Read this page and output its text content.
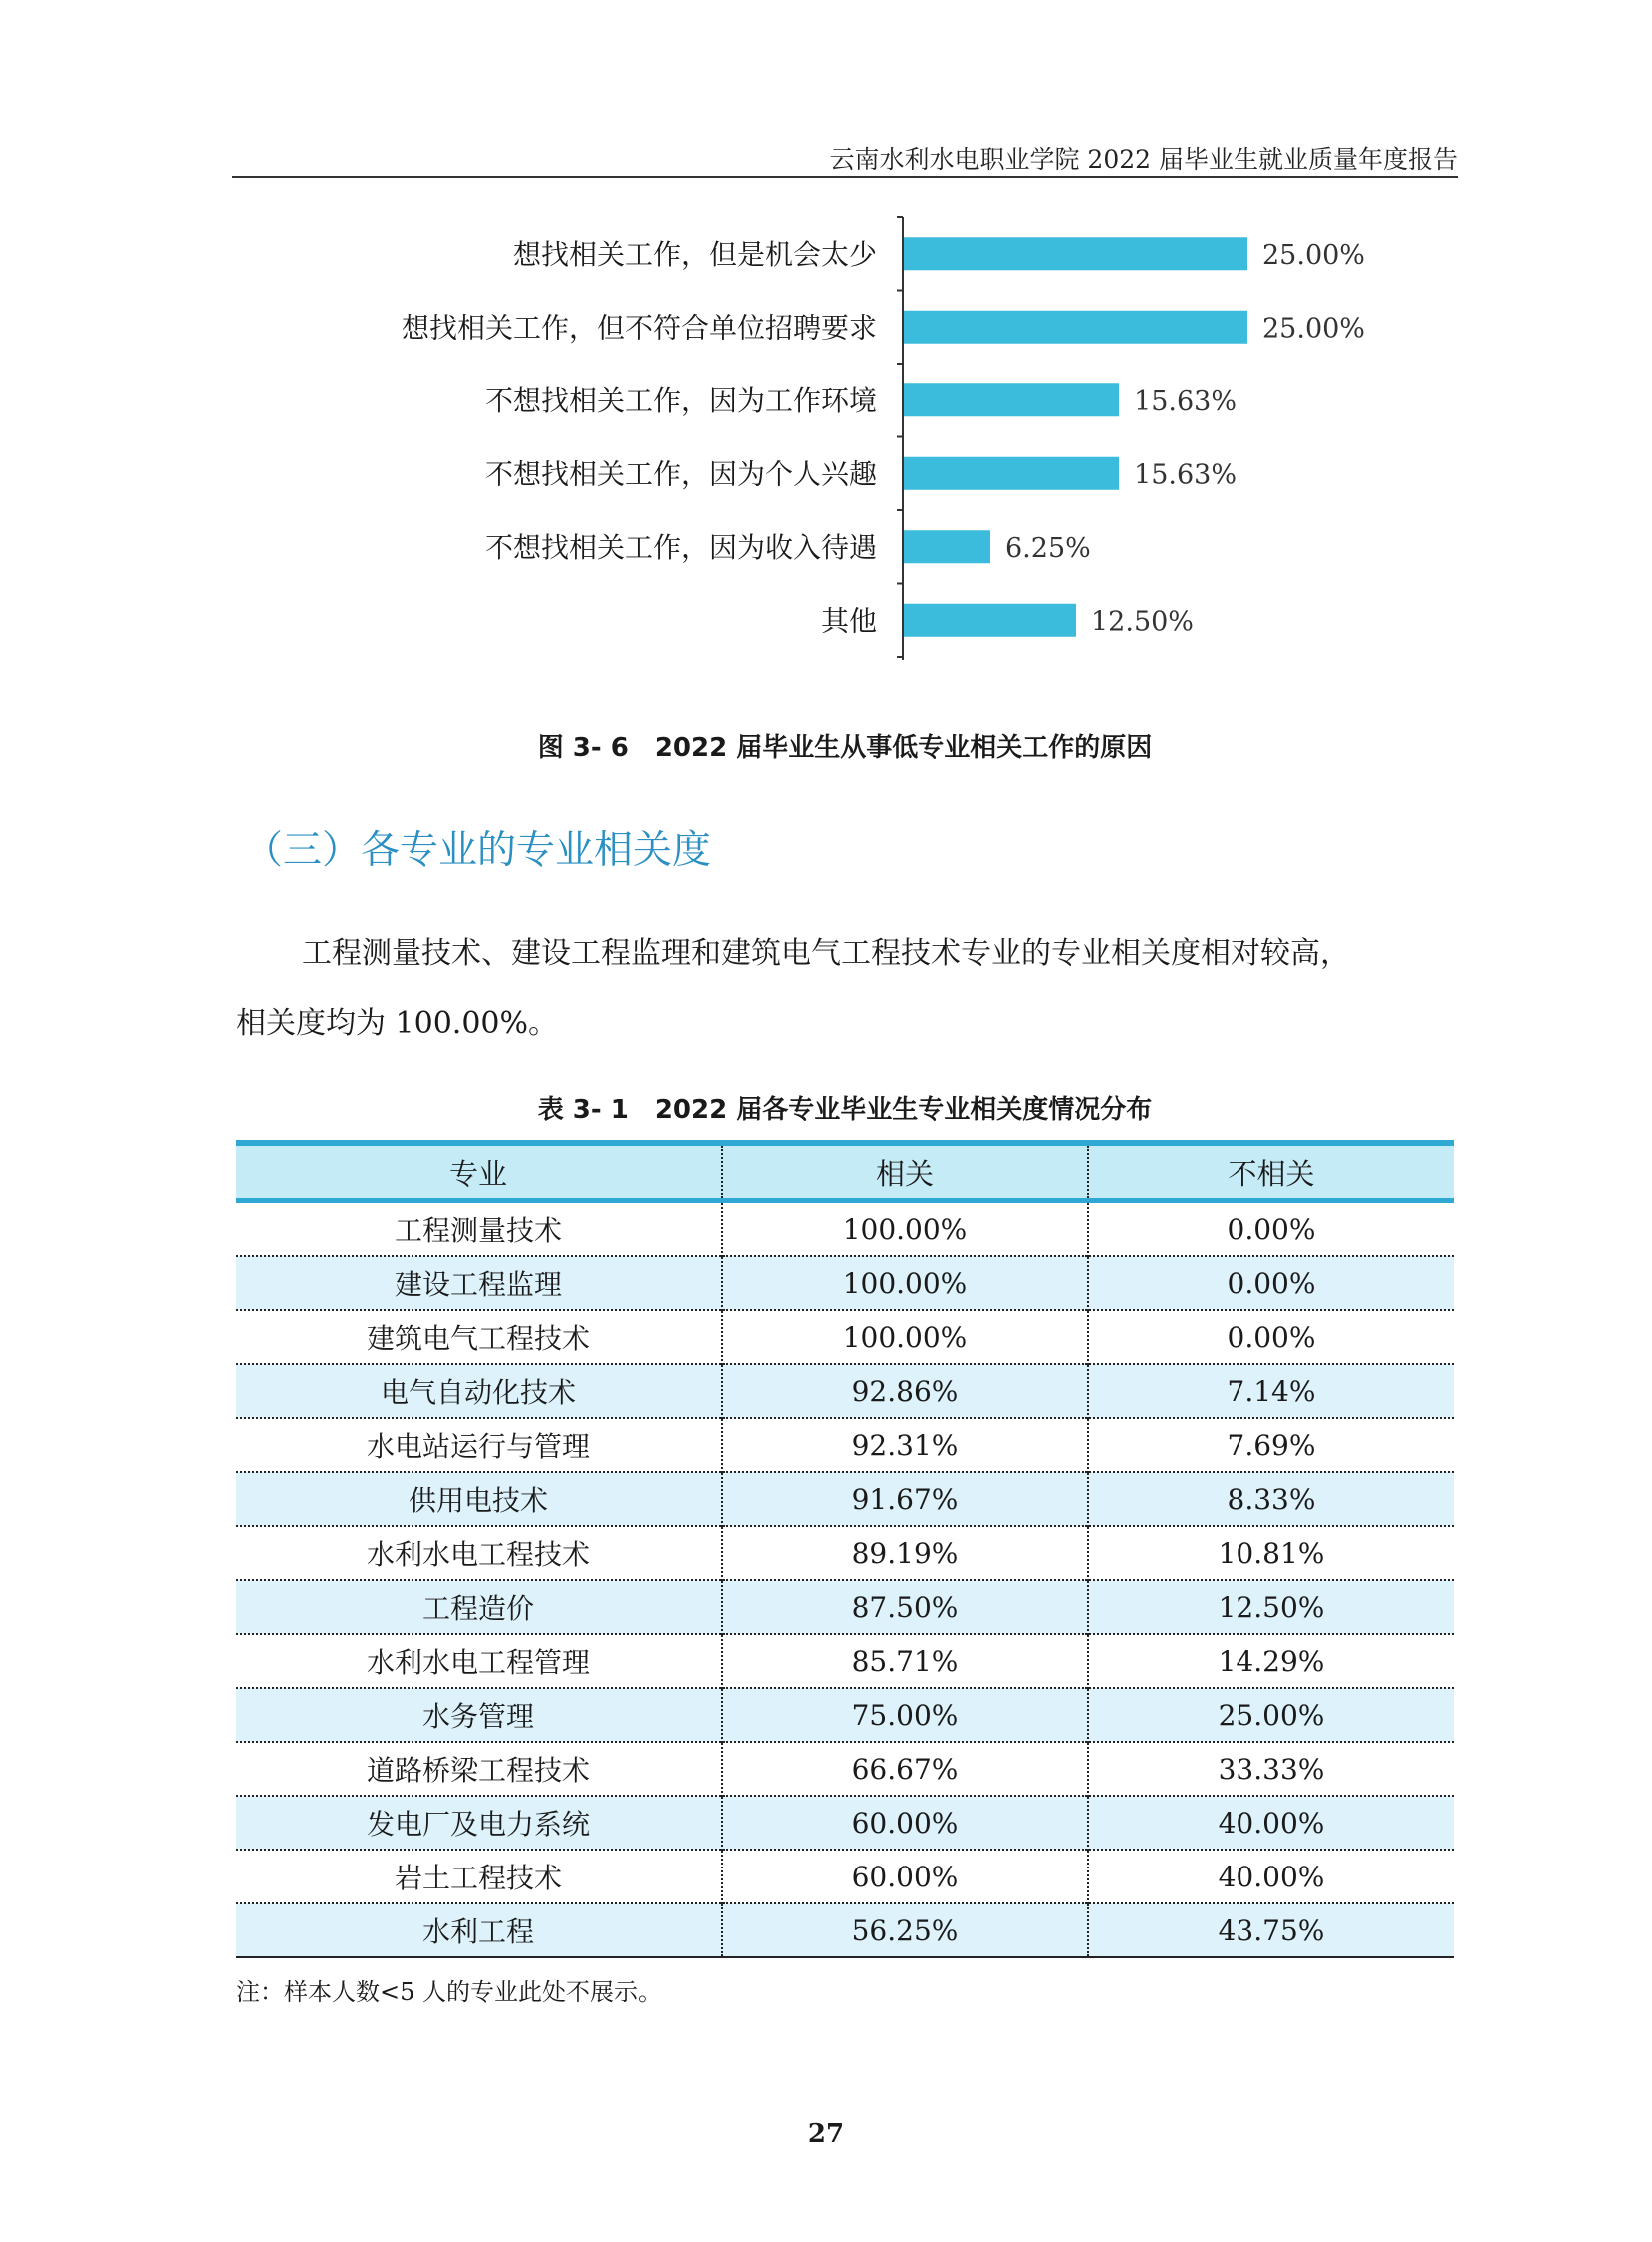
云南水利水电职业学院 2022 届毕业生就业质量年度报告
想找相关工作，但是机会太少	25.00%
想找相关工作，但不符合单位招聘要求	25.00%
不想找相关工作，因为工作环境	15.63%
不想找相关工作，因为个人兴趣	15.63%
不想找相关工作，因为收入待遇	6.25%
其他	12.50%
图 3- 6　2022 届毕业生从事低专业相关工作的原因
（三）各专业的专业相关度
工程测量技术、建设工程监理和建筑电气工程技术专业的专业相关度相对较高，
相关度均为 100.00%。
表 3- 1　2022 届各专业毕业生专业相关度情况分布
专业	相关	不相关
工程测量技术	100.00%	0.00%
建设工程监理	100.00%	0.00%
建筑电气工程技术	100.00%	0.00%
电气自动化技术	92.86%	7.14%
水电站运行与管理	92.31%	7.69%
供用电技术	91.67%	8.33%
水利水电工程技术	89.19%	10.81%
工程造价	87.50%	12.50%
水利水电工程管理	85.71%	14.29%
水务管理	75.00%	25.00%
道路桥梁工程技术	66.67%	33.33%
发电厂及电力系统	60.00%	40.00%
岩土工程技术	60.00%	40.00%
水利工程	56.25%	43.75%
注：样本人数<5 人的专业此处不展示。
27
